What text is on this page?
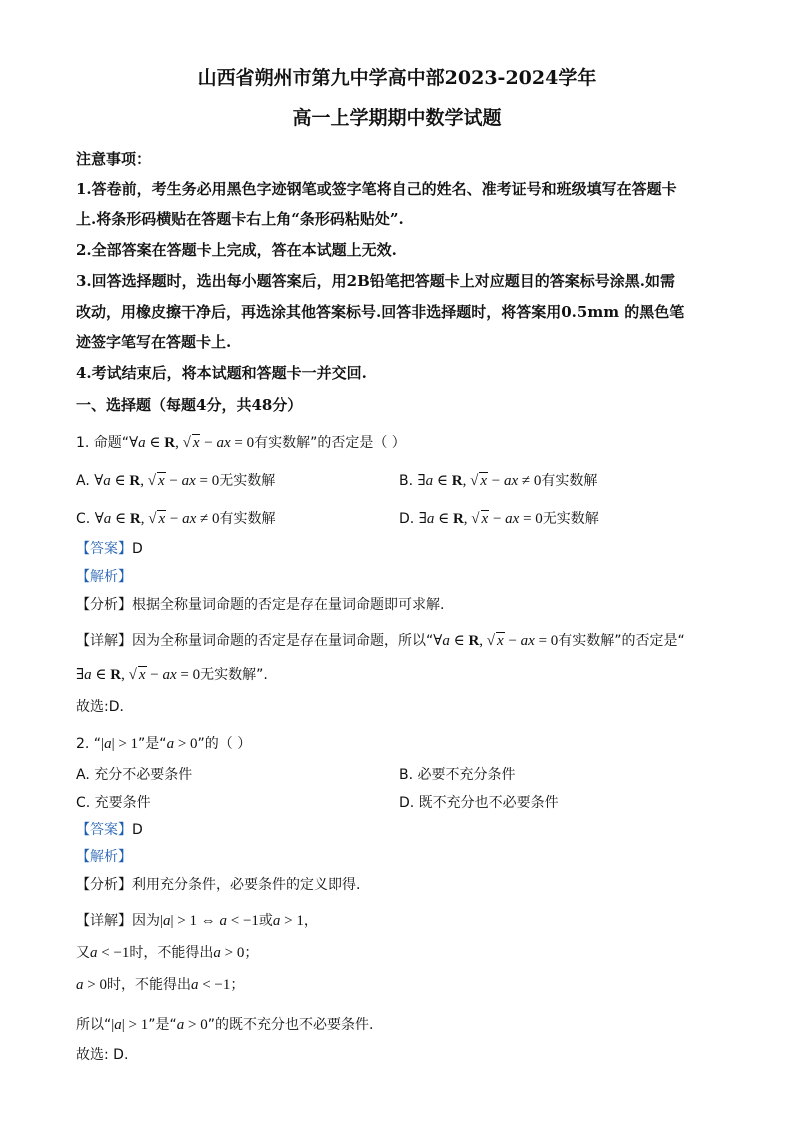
山西省朔州市第九中学高中部2023-2024学年
高一上学期期中数学试题
注意事项：
1.答卷前，考生务必用黑色字迹钢笔或签字笔将自己的姓名、准考证号和班级填写在答题卡
上.将条形码横贴在答题卡右上角“条形码粘贴处”.
2.全部答案在答题卡上完成，答在本试题上无效.
3.回答选择题时，选出每小题答案后，用2B铅笔把答题卡上对应题目的答案标号涂黑.如需
改动，用橡皮擦干净后，再选涂其他答案标号.回答非选择题时，将答案用0.5mm 的黑色笔
迹签字笔写在答题卡上.
4.考试结束后，将本试题和答题卡一并交回.
一、选择题（每题4分，共48分）
1. 命题“∀a ∈ R, √ x − ax = 0有实数解”的否定是（ ）
A. ∀a ∈ R, √ x − ax = 0无实数解	B. ∃a ∈ R, √ x − ax ≠ 0有实数解
C. ∀a ∈ R, √ x − ax ≠ 0有实数解	D. ∃a ∈ R, √ x − ax = 0无实数解
【答案】D
【解析】
【分析】根据全称量词命题的否定是存在量词命题即可求解.
【详解】因为全称量词命题的否定是存在量词命题，所以“∀a ∈ R, √ x − ax = 0有实数解”的否定是“
∃a ∈ R, √ x − ax = 0无实数解”.
故选:D．
2. “|a| > 1”是“a > 0”的（ ）
A. 充分不必要条件	B. 必要不充分条件
C. 充要条件	D. 既不充分也不必要条件
【答案】D
【解析】
【分析】利用充分条件，必要条件的定义即得.
【详解】因为|a| > 1 ⇔ a < −1或a > 1，
又a < −1时，不能得出a > 0；
a > 0时，不能得出a < −1；
所以“|a| > 1”是“a > 0”的既不充分也不必要条件.
故选: D.
